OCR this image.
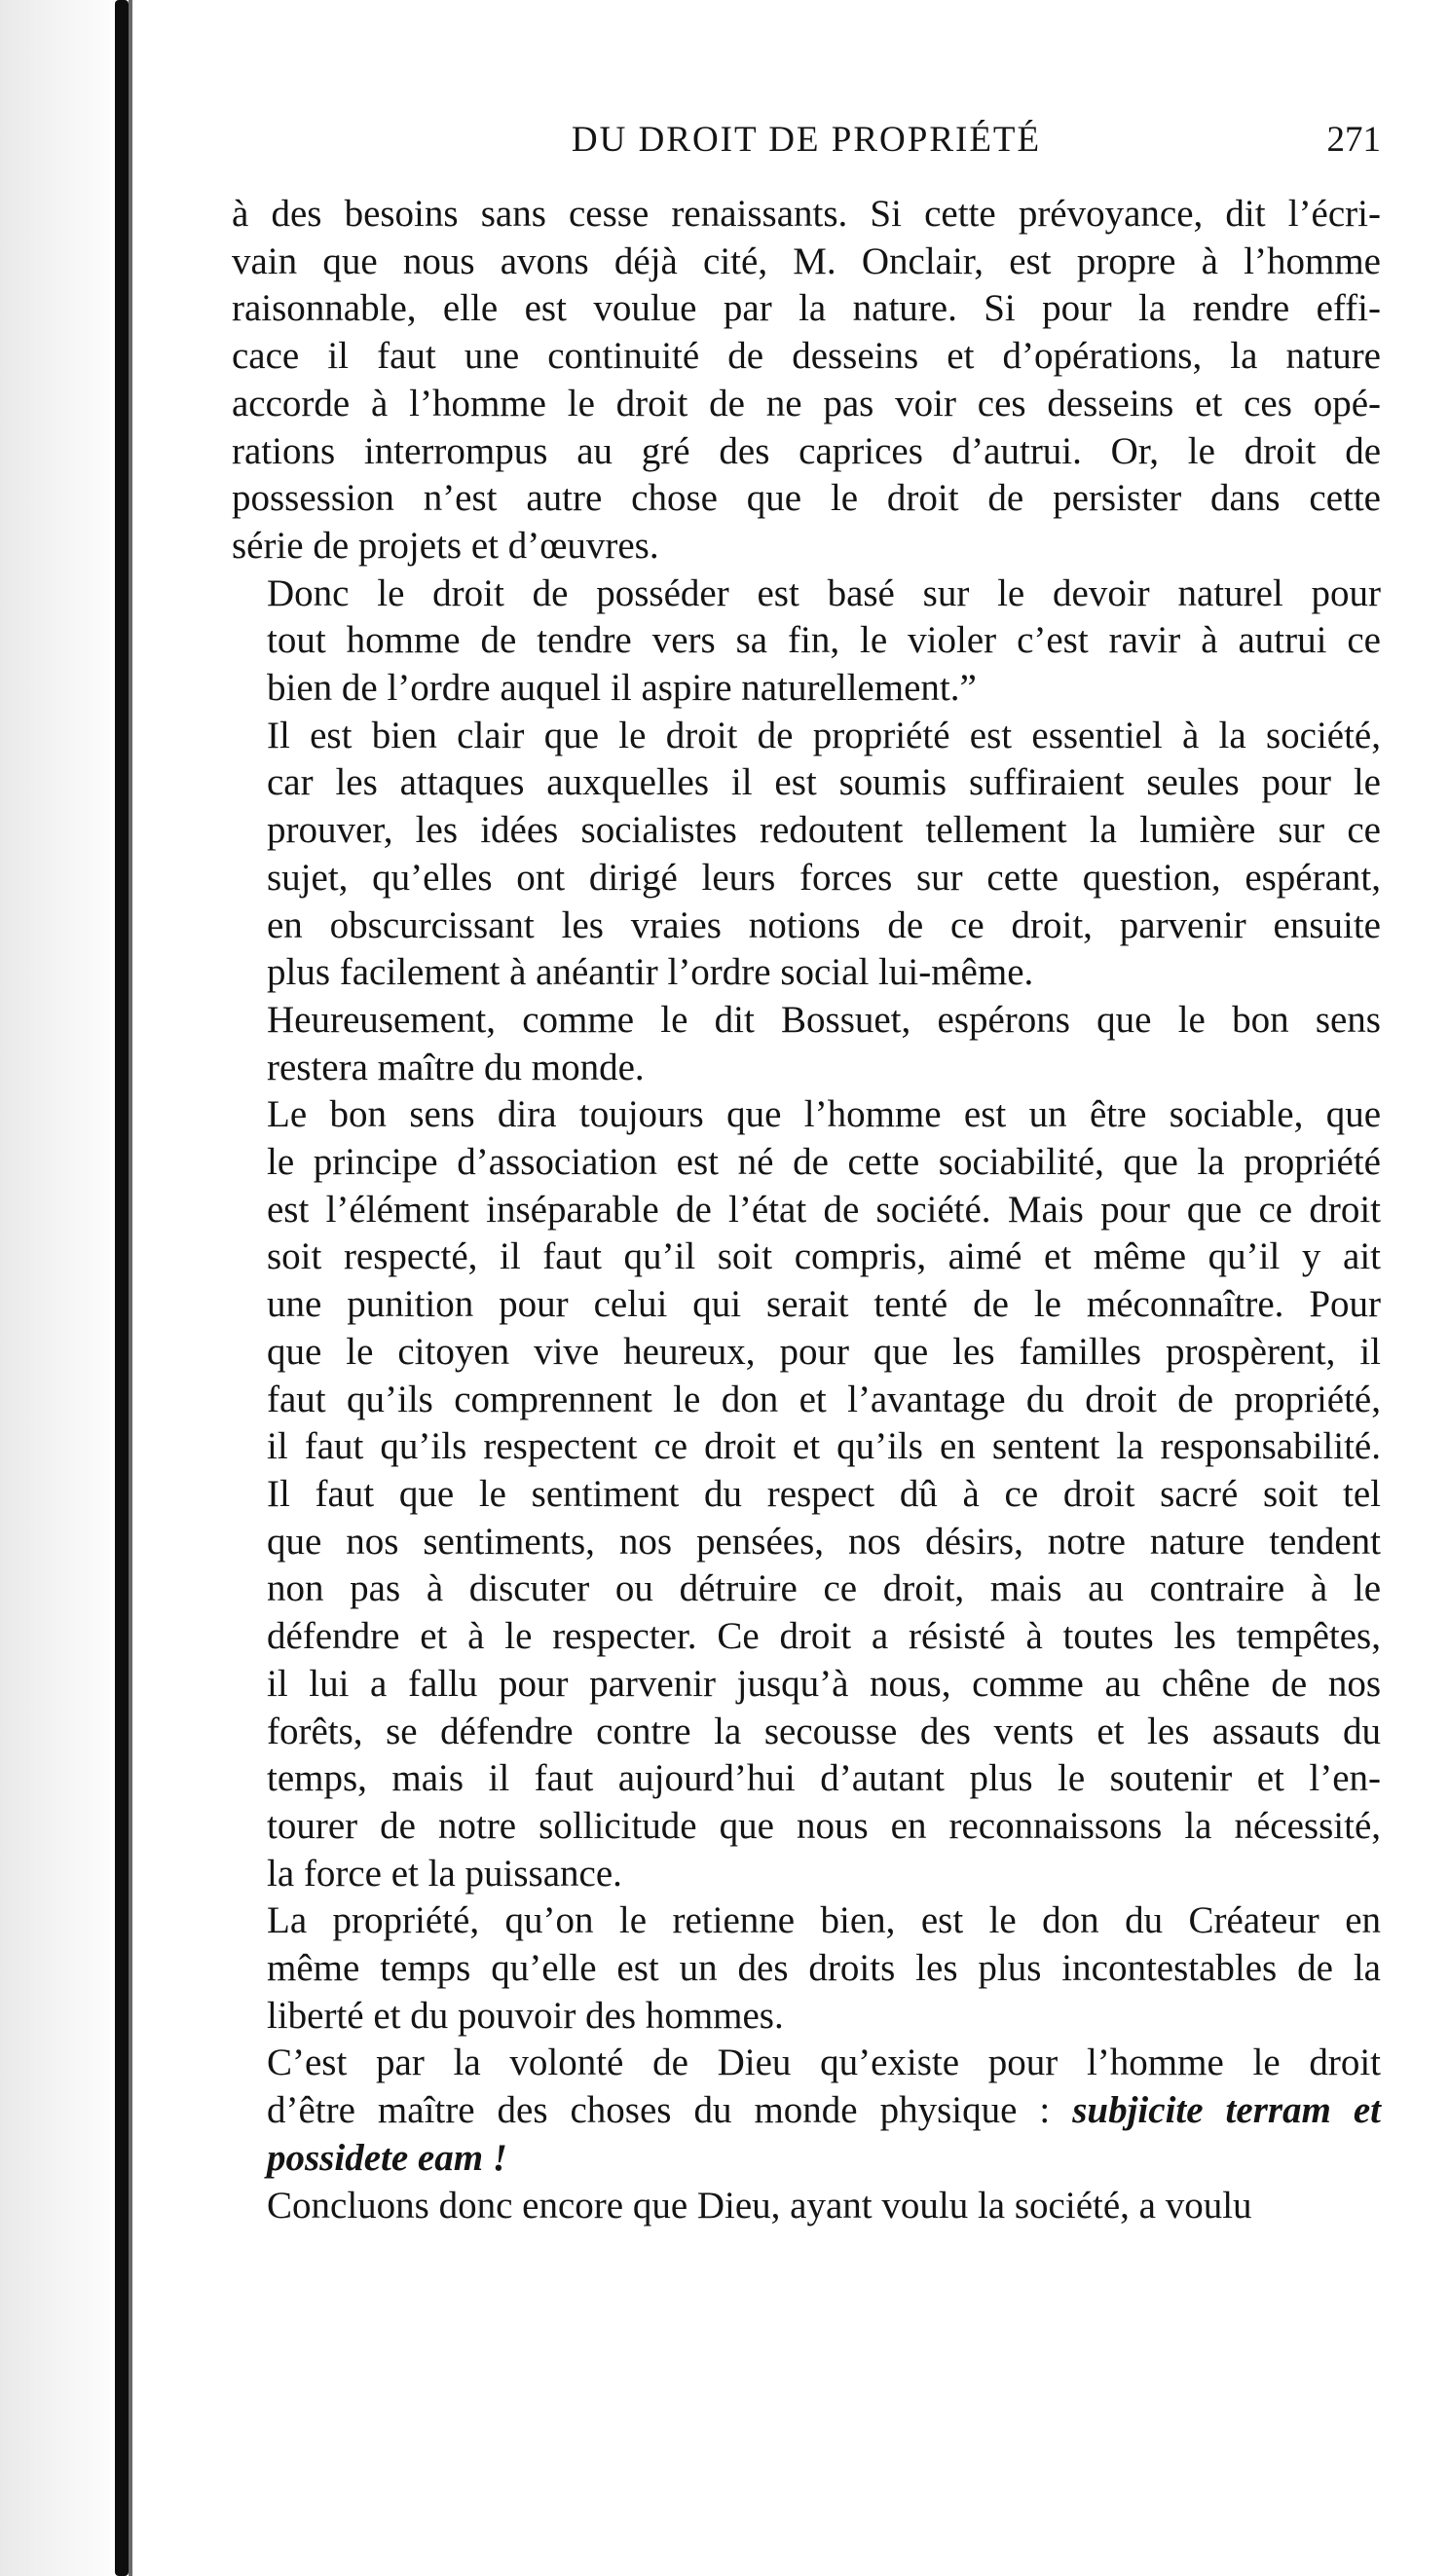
DU DROIT DE PROPRIÉTÉ	271

à des besoins sans cesse renaissants. Si cette prévoyance, dit l’écri-
vain que nous avons déjà cité, M. Onclair, est propre à l’homme
raisonnable, elle est voulue par la nature. Si pour la rendre effi-
cace il faut une continuité de desseins et d’opérations, la nature
accorde à l’homme le droit de ne pas voir ces desseins et ces opé-
rations interrompus au gré des caprices d’autrui. Or, le droit de
possession n’est autre chose que le droit de persister dans cette
série de projets et d’œuvres.

Donc le droit de posséder est basé sur le devoir naturel pour
tout homme de tendre vers sa fin, le violer c’est ravir à autrui ce
bien de l’ordre auquel il aspire naturellement.”

Il est bien clair que le droit de propriété est essentiel à la société,
car les attaques auxquelles il est soumis suffiraient seules pour le
prouver, les idées socialistes redoutent tellement la lumière sur ce
sujet, qu’elles ont dirigé leurs forces sur cette question, espérant,
en obscurcissant les vraies notions de ce droit, parvenir ensuite
plus facilement à anéantir l’ordre social lui-même.

Heureusement, comme le dit Bossuet, espérons que le bon sens
restera maître du monde.

Le bon sens dira toujours que l’homme est un être sociable, que
le principe d’association est né de cette sociabilité, que la propriété
est l’élément inséparable de l’état de société. Mais pour que ce droit
soit respecté, il faut qu’il soit compris, aimé et même qu’il y ait
une punition pour celui qui serait tenté de le méconnaître. Pour
que le citoyen vive heureux, pour que les familles prospèrent, il
faut qu’ils comprennent le don et l’avantage du droit de propriété,
il faut qu’ils respectent ce droit et qu’ils en sentent la responsabilité.

Il faut que le sentiment du respect dû à ce droit sacré soit tel
que nos sentiments, nos pensées, nos désirs, notre nature tendent
non pas à discuter ou détruire ce droit, mais au contraire à le
défendre et à le respecter. Ce droit a résisté à toutes les tempêtes,
il lui a fallu pour parvenir jusqu’à nous, comme au chêne de nos
forêts, se défendre contre la secousse des vents et les assauts du
temps, mais il faut aujourd’hui d’autant plus le soutenir et l’en-
tourer de notre sollicitude que nous en reconnaissons la nécessité,
la force et la puissance.

La propriété, qu’on le retienne bien, est le don du Créateur en
même temps qu’elle est un des droits les plus incontestables de la
liberté et du pouvoir des hommes.

C’est par la volonté de Dieu qu’existe pour l’homme le droit
d’être maître des choses du monde physique : subjicite terram et
possidete eam !

Concluons donc encore que Dieu, ayant voulu la société, a voulu
